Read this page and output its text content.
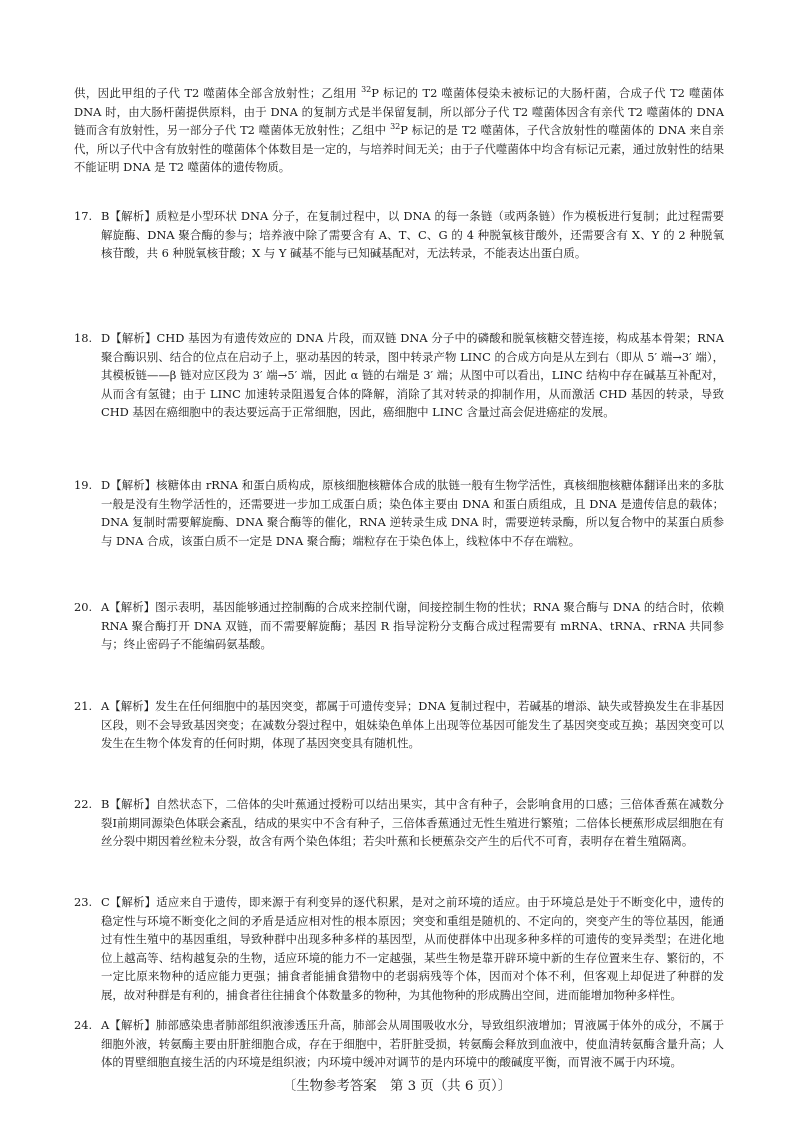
供，因此甲组的子代 T2 噬菌体全部含放射性；乙组用 $^{32}$P 标记的 T2 噬菌体侵染未被标记的大肠杆菌，合成子代 T2 噬菌体 DNA 时，由大肠杆菌提供原料，由于 DNA 的复制方式是半保留复制，所以部分子代 T2 噬菌体因含有亲代 T2 噬菌体的 DNA 链而含有放射性，另一部分子代 T2 噬菌体无放射性；乙组中 $^{32}$P 标记的是 T2 噬菌体，子代含放射性的噬菌体的 DNA 来自亲代，所以子代中含有放射性的噬菌体个体数目是一定的，与培养时间无关；由于子代噬菌体中均含有标记元素，通过放射性的结果不能证明 DNA 是 T2 噬菌体的遗传物质。
17. B【解析】质粒是小型环状 DNA 分子，在复制过程中，以 DNA 的每一条链（或两条链）作为模板进行复制；此过程需要解旋酶、DNA 聚合酶的参与；培养液中除了需要含有 A、T、C、G 的 4 种脱氧核苷酸外，还需要含有 X、Y 的 2 种脱氧核苷酸，共 6 种脱氧核苷酸；X 与 Y 碱基不能与已知碱基配对，无法转录，不能表达出蛋白质。
18. D【解析】CHD 基因为有遗传效应的 DNA 片段，而双链 DNA 分子中的磷酸和脱氧核糖交替连接，构成基本骨架；RNA 聚合酶识别、结合的位点在启动子上，驱动基因的转录，图中转录产物 LINC 的合成方向是从左到右（即从 5′ 端→3′ 端），其模板链——β 链对应区段为 3′ 端→5′ 端，因此 α 链的右端是 3′ 端；从图中可以看出，LINC 结构中存在碱基互补配对，从而含有氢键；由于 LINC 加速转录阻遏复合体的降解，消除了其对转录的抑制作用，从而激活 CHD 基因的转录，导致 CHD 基因在癌细胞中的表达要远高于正常细胞，因此，癌细胞中 LINC 含量过高会促进癌症的发展。
19. D【解析】核糖体由 rRNA 和蛋白质构成，原核细胞核糖体合成的肽链一般有生物学活性，真核细胞核糖体翻译出来的多肽一般是没有生物学活性的，还需要进一步加工成蛋白质；染色体主要由 DNA 和蛋白质组成，且 DNA 是遗传信息的载体；DNA 复制时需要解旋酶、DNA 聚合酶等的催化，RNA 逆转录生成 DNA 时，需要逆转录酶，所以复合物中的某蛋白质参与 DNA 合成，该蛋白质不一定是 DNA 聚合酶；端粒存在于染色体上，线粒体中不存在端粒。
20. A【解析】图示表明，基因能够通过控制酶的合成来控制代谢，间接控制生物的性状；RNA 聚合酶与 DNA 的结合时，依赖 RNA 聚合酶打开 DNA 双链，而不需要解旋酶；基因 R 指导淀粉分支酶合成过程需要有 mRNA、tRNA、rRNA 共同参与；终止密码子不能编码氨基酸。
21. A【解析】发生在任何细胞中的基因突变，都属于可遗传变异；DNA 复制过程中，若碱基的增添、缺失或替换发生在非基因区段，则不会导致基因突变；在减数分裂过程中，姐妹染色单体上出现等位基因可能发生了基因突变或互换；基因突变可以发生在生物个体发育的任何时期，体现了基因突变具有随机性。
22. B【解析】自然状态下，二倍体的尖叶蕉通过授粉可以结出果实，其中含有种子，会影响食用的口感；三倍体香蕉在减数分裂Ⅰ前期同源染色体联会紊乱，结成的果实中不含有种子，三倍体香蕉通过无性生殖进行繁殖；二倍体长梗蕉形成层细胞在有丝分裂中期因着丝粒未分裂，故含有两个染色体组；若尖叶蕉和长梗蕉杂交产生的后代不可育，表明存在着生殖隔离。
23. C【解析】适应来自于遗传，即来源于有利变异的逐代积累，是对之前环境的适应。由于环境总是处于不断变化中，遗传的稳定性与环境不断变化之间的矛盾是适应相对性的根本原因；突变和重组是随机的、不定向的，突变产生的等位基因，能通过有性生殖中的基因重组，导致种群中出现多种多样的基因型，从而使群体中出现多种多样的可遗传的变异类型；在进化地位上越高等、结构越复杂的生物，适应环境的能力不一定越强，某些生物是靠开辟环境中新的生存位置来生存、繁衍的，不一定比原来物种的适应能力更强；捕食者能捕食猎物中的老弱病残等个体，因而对个体不利，但客观上却促进了种群的发展，故对种群是有利的，捕食者往往捕食个体数量多的物种，为其他物种的形成腾出空间，进而能增加物种多样性。
24. A【解析】肺部感染患者肺部组织液渗透压升高，肺部会从周围吸收水分，导致组织液增加；胃液属于体外的成分，不属于细胞外液，转氨酶主要由肝脏细胞合成，存在于细胞中，若肝脏受损，转氨酶会释放到血液中，使血清转氨酶含量升高；人体的胃壁细胞直接生活的内环境是组织液；内环境中缓冲对调节的是内环境中的酸碱度平衡，而胃液不属于内环境。
〔生物参考答案　第 3 页（共 6 页）〕
